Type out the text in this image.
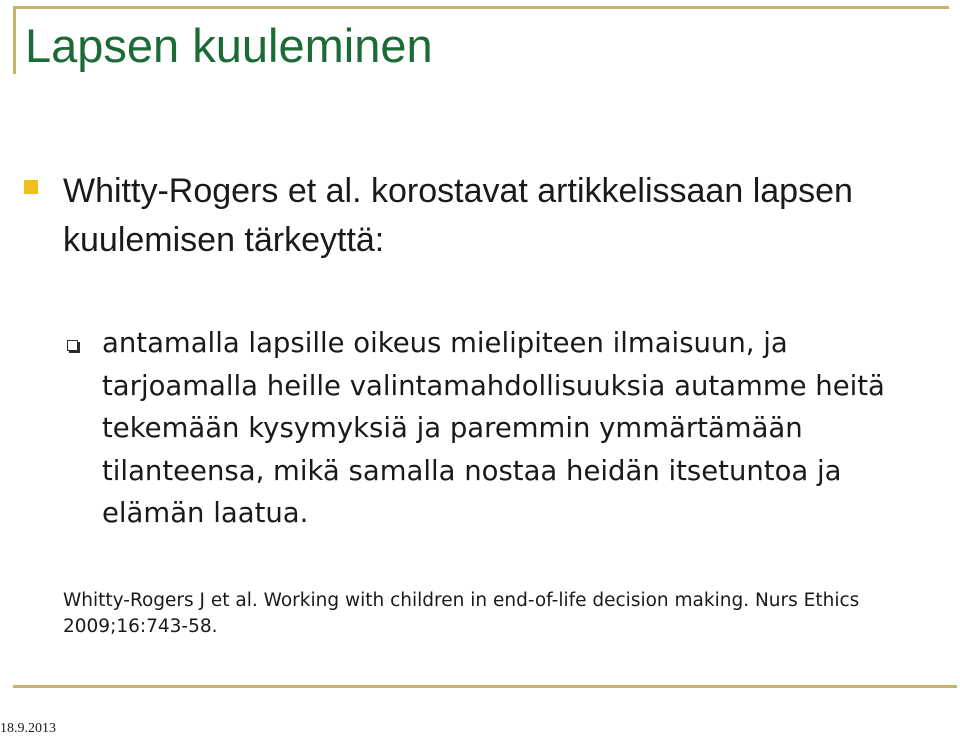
Lapsen kuuleminen

Whitty-Rogers et al. korostavat artikkelissaan lapsen kuulemisen tärkeyttä:

antamalla lapsille oikeus mielipiteen ilmaisuun, ja tarjoamalla heille valintamahdollisuuksia autamme heitä tekemään kysymyksiä ja paremmin ymmärtämään tilanteensa, mikä samalla nostaa heidän itsetuntoa ja elämän laatua.

Whitty-Rogers J et al. Working with children in end-of-life decision making. Nurs Ethics 2009;16:743-58.

18.9.2013
